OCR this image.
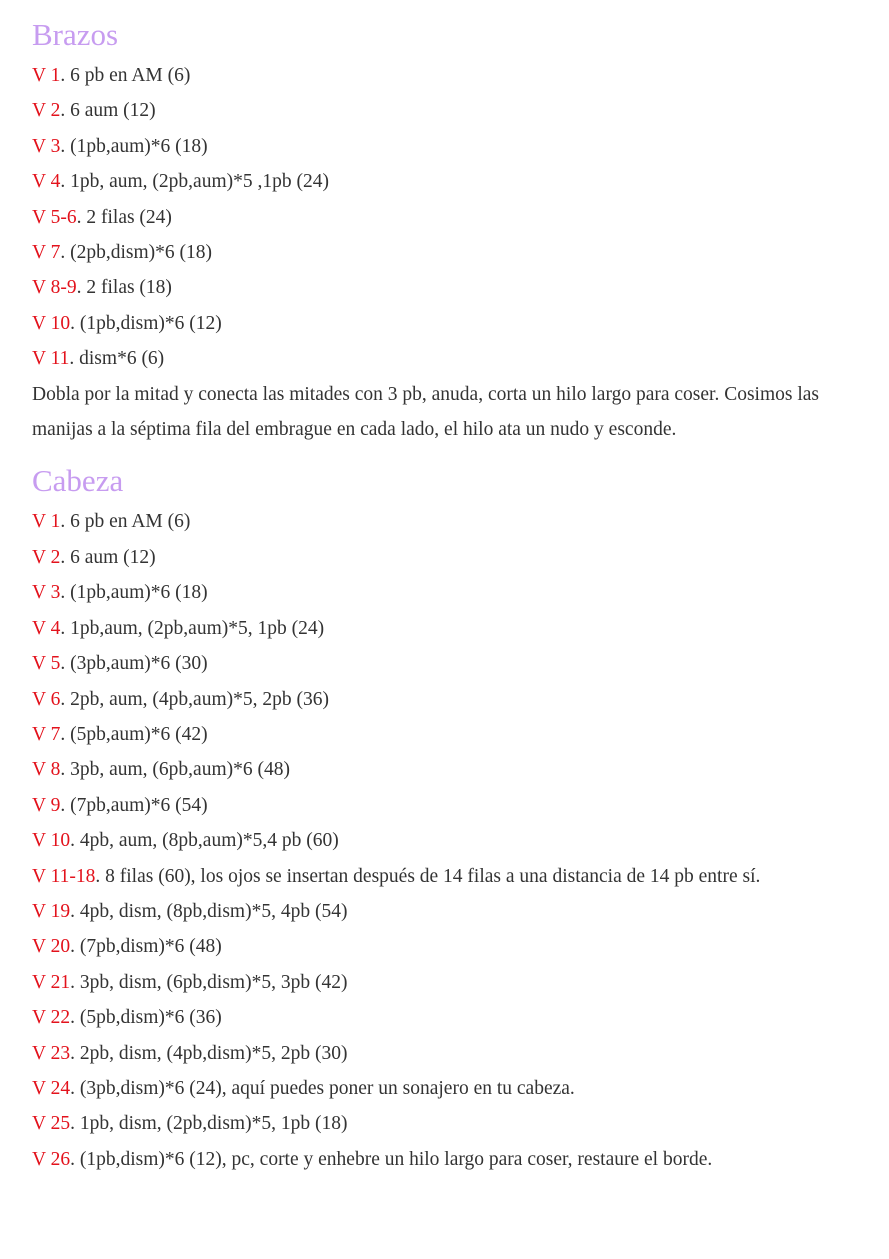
Brazos
V 1. 6 pb en AM (6)
V 2. 6 aum (12)
V 3. (1pb,aum)*6 (18)
V 4. 1pb, aum, (2pb,aum)*5 ,1pb (24)
V 5-6. 2 filas (24)
V 7. (2pb,dism)*6 (18)
V 8-9. 2 filas (18)
V 10. (1pb,dism)*6 (12)
V 11. dism*6 (6)
Dobla por la mitad y conecta las mitades con 3 pb, anuda, corta un hilo largo para coser. Cosimos las manijas a la séptima fila del embrague en cada lado, el hilo ata un nudo y esconde.
Cabeza
V 1. 6 pb en AM (6)
V 2. 6 aum (12)
V 3. (1pb,aum)*6 (18)
V 4. 1pb,aum, (2pb,aum)*5, 1pb (24)
V 5. (3pb,aum)*6 (30)
V 6. 2pb, aum, (4pb,aum)*5, 2pb (36)
V 7. (5pb,aum)*6 (42)
V 8. 3pb, aum, (6pb,aum)*6 (48)
V 9. (7pb,aum)*6 (54)
V 10. 4pb, aum, (8pb,aum)*5,4 pb (60)
V 11-18. 8 filas (60), los ojos se insertan después de 14 filas a una distancia de 14 pb entre sí.
V 19. 4pb, dism, (8pb,dism)*5, 4pb (54)
V 20. (7pb,dism)*6 (48)
V 21. 3pb, dism, (6pb,dism)*5, 3pb (42)
V 22. (5pb,dism)*6 (36)
V 23. 2pb, dism, (4pb,dism)*5, 2pb (30)
V 24. (3pb,dism)*6 (24), aquí puedes poner un sonajero en tu cabeza.
V 25. 1pb, dism, (2pb,dism)*5, 1pb (18)
V 26. (1pb,dism)*6 (12), pc, corte y enhebre un hilo largo para coser, restaure el borde.
